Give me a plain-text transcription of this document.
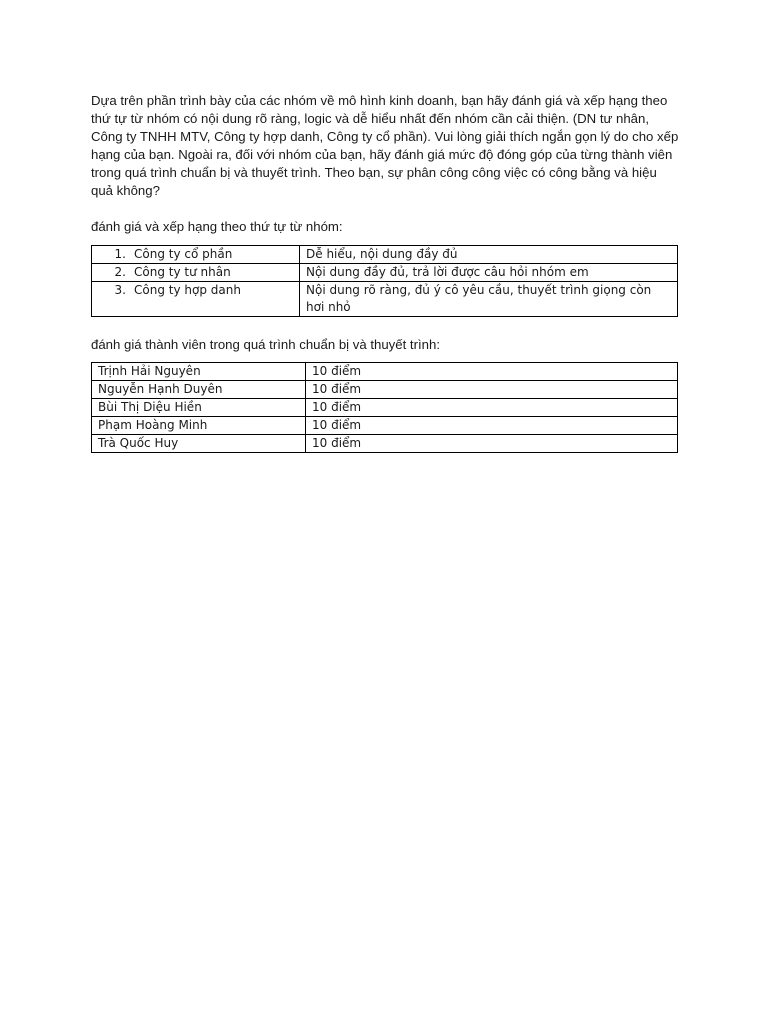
Dựa trên phần trình bày của các nhóm về mô hình kinh doanh, bạn hãy đánh giá và xếp hạng theo thứ tự từ nhóm có nội dung rõ ràng, logic và dễ hiểu nhất đến nhóm cần cải thiện. (DN tư nhân, Công ty TNHH MTV, Công ty hợp danh, Công ty cổ phần). Vui lòng giải thích ngắn gọn lý do cho xếp hạng của bạn. Ngoài ra, đối với nhóm của bạn, hãy đánh giá mức độ đóng góp của từng thành viên trong quá trình chuẩn bị và thuyết trình. Theo bạn, sự phân công công việc có công bằng và hiệu quả không?

đánh giá và xếp hạng theo thứ tự từ nhóm:

1. Công ty cổ phần	Dễ hiểu, nội dung đầy đủ
2. Công ty tư nhân	Nội dung đầy đủ, trả lời được câu hỏi nhóm em
3. Công ty hợp danh	Nội dung rõ ràng, đủ ý cô yêu cầu, thuyết trình giọng còn hơi nhỏ

đánh giá thành viên trong quá trình chuẩn bị và thuyết trình:

Trịnh Hải Nguyên	10 điểm
Nguyễn Hạnh Duyên	10 điểm
Bùi Thị Diệu Hiền	10 điểm
Phạm Hoàng Minh	10 điểm
Trà Quốc Huy	10 điểm
